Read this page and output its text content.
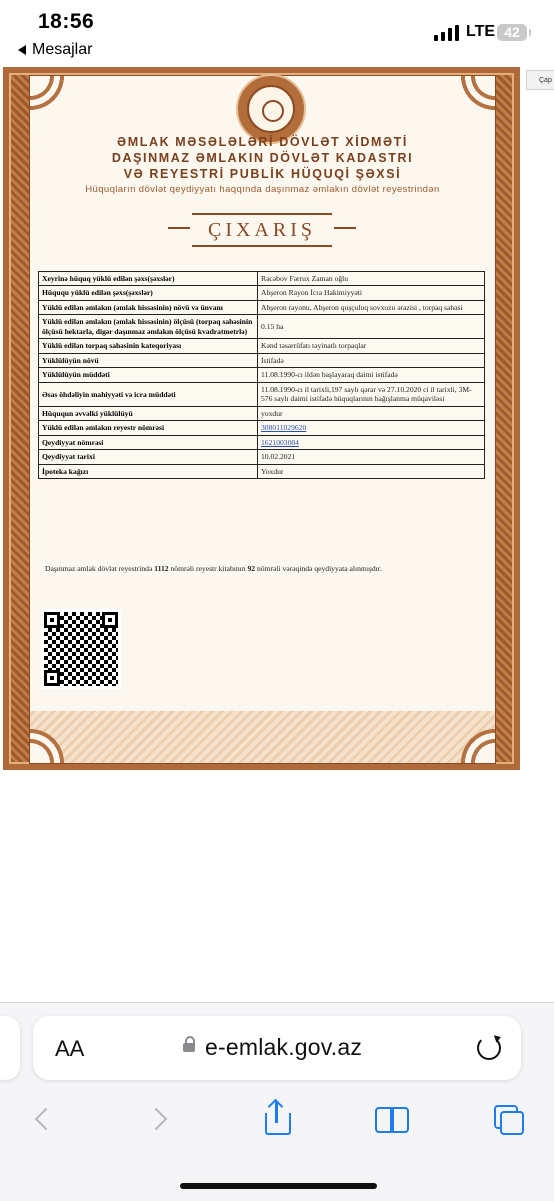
18:56
Mesajlar
LTE 42
Çap
ƏMLAK MƏSƏLƏLƏRİ DÖVLƏT XİDMƏTİ
DAŞINMAZ ƏMLAKIN DÖVLƏT KADASTRI
VƏ REYESTRİ PUBLİK HÜQUQİ ŞƏXSİ
Hüquqların dövlət qeydiyyatı haqqında daşınmaz əmlakın dövlət reyestrindən
ÇIXARIŞ
Xeyrinə hüquq yüklü edilən şəxs(şəxslər)	Rəcəbov Fərrux Zaman oğlu
Hüququ yüklü edilən şəxs(şəxslər)	Abşeron Rayon İcra Hakimiyyəti
Yüklü edilən əmlakın (əmlak hissəsinin) növü və ünvanı	Abşeron rayonu, Abşeron quşçuluq sovxozu ərazisi , torpaq sahəsi
Yüklü edilən əmlakın (əmlak hissəsinin) ölçüsü (torpaq sahəsinin ölçüsü hektarla, digər daşınmaz əmlakın ölçüsü kvadratmetrlə)	0.15 ha
Yüklü edilən torpaq sahəsinin kateqoriyası	Kənd təsərrüfatı təyinatlı torpaqlar
Yüklülüyün növü	İstifadə
Yüklülüyün müddəti	11.08.1990-cı ildən başlayaraq daimi istifadə
Əsas öhdəliyin mahiyyəti və icra müddəti	11.08.1990-cı il tarixli,197 saylı qərar və 27.10.2020 ci il tarixli, 3M-576 saylı daimi istifadə hüquqlarının bağışlanma müqaviləsi
Hüququn əvvəlki yüklülüyü	yoxdur
Yüklü edilən əmlakın reyestr nömrəsi	308011029620
Qeydiyyat nömrəsi	1621003084
Qeydiyyat tarixi	10.02.2021
İpoteka kağızı	Yoxdur
Daşınmaz əmlak dövlət reyestrində 1112 nömrəli reyestr kitabının 92 nömrəli vərəqində qeydiyyata alınmışdır.
AA	e-emlak.gov.az
